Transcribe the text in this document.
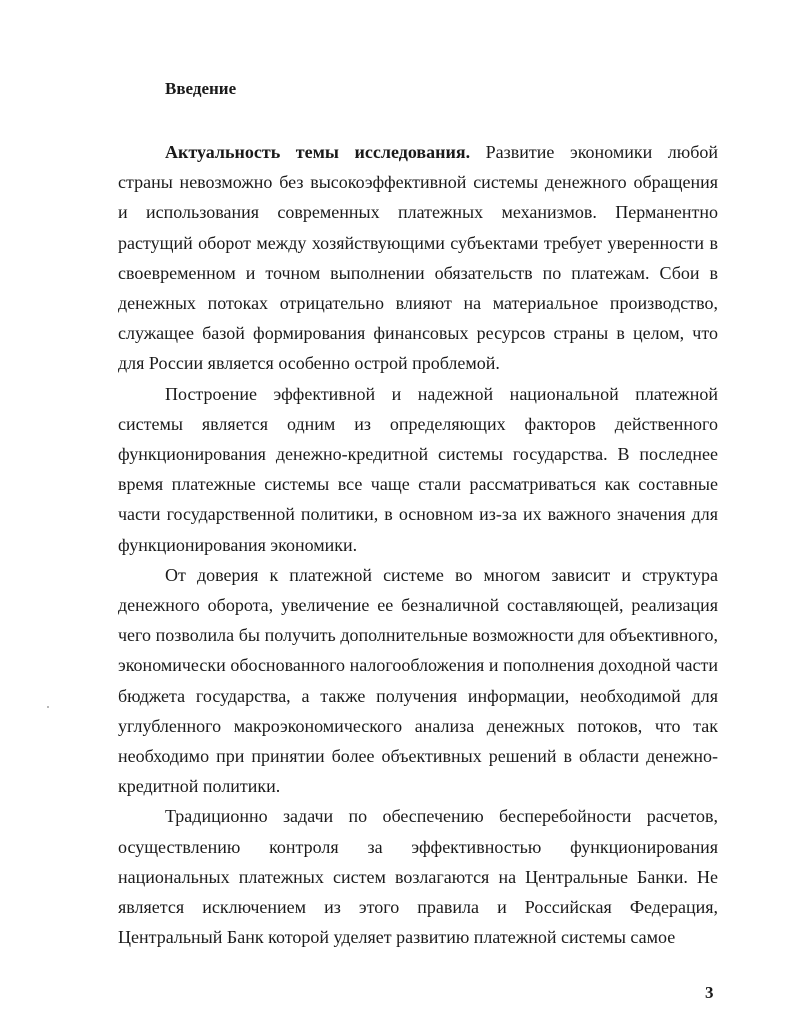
Введение

Актуальность темы исследования. Развитие экономики любой страны невозможно без высокоэффективной системы денежного обращения и использования современных платежных механизмов. Перманентно растущий оборот между хозяйствующими субъектами требует уверенности в своевременном и точном выполнении обязательств по платежам. Сбои в денежных потоках отрицательно влияют на материальное производство, служащее базой формирования финансовых ресурсов страны в целом, что для России является особенно острой проблемой.

Построение эффективной и надежной национальной платежной системы является одним из определяющих факторов действенного функционирования денежно-кредитной системы государства. В последнее время платежные системы все чаще стали рассматриваться как составные части государственной политики, в основном из-за их важного значения для функционирования экономики.

От доверия к платежной системе во многом зависит и структура денежного оборота, увеличение ее безналичной составляющей, реализация чего позволила бы получить дополнительные возможности для объективного, экономически обоснованного налогообложения и пополнения доходной части бюджета государства, а также получения информации, необходимой для углубленного макроэкономического анализа денежных потоков, что так необходимо при принятии более объективных решений в области денежно-кредитной политики.

Традиционно задачи по обеспечению бесперебойности расчетов, осуществлению контроля за эффективностью функционирования национальных платежных систем возлагаются на Центральные Банки. Не является исключением из этого правила и Российская Федерация, Центральный Банк которой уделяет развитию платежной системы самое

3
